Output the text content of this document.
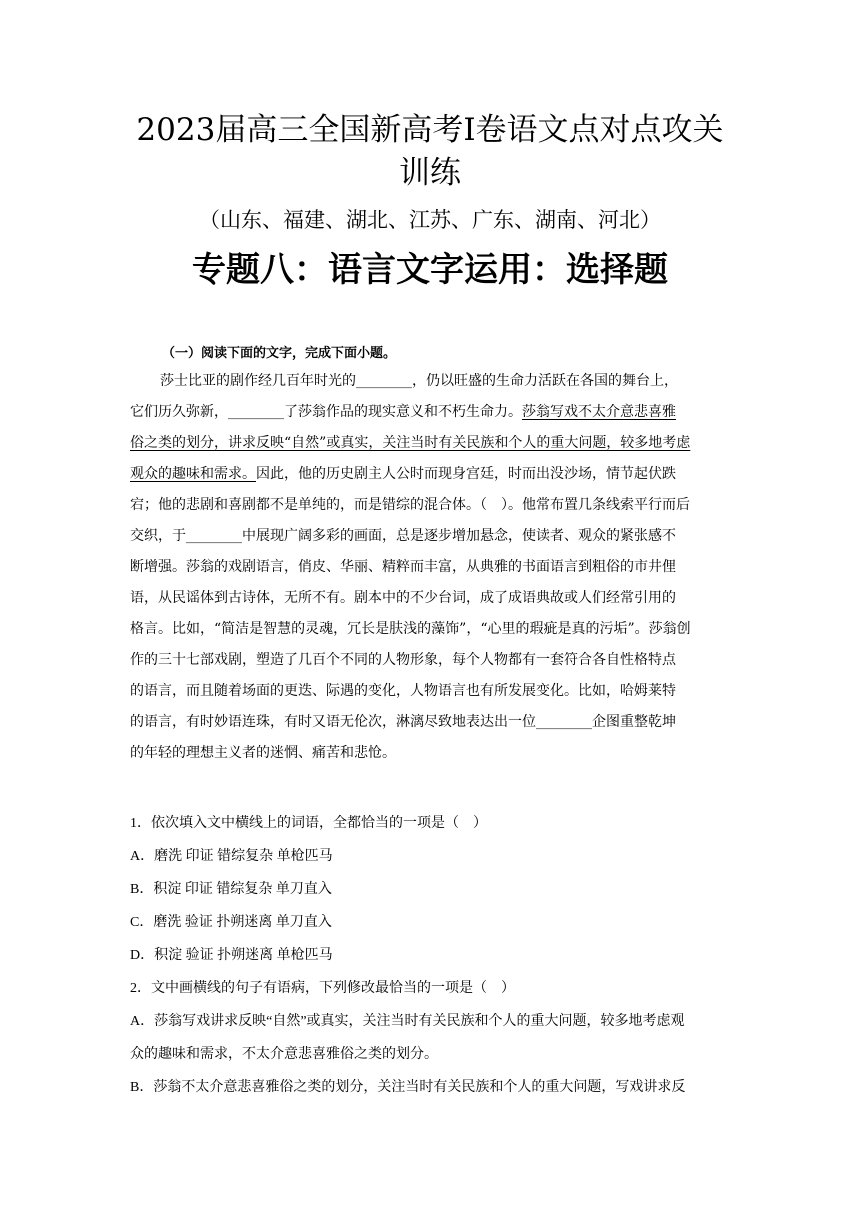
2023届高三全国新高考Ⅰ卷语文点对点攻关
训练
（山东、福建、湖北、江苏、广东、湖南、河北）
专题八：语言文字运用：选择题
（一）阅读下面的文字，完成下面小题。
莎士比亚的剧作经几百年时光的________，仍以旺盛的生命力活跃在各国的舞台上，
它们历久弥新，________了莎翁作品的现实意义和不朽生命力。莎翁写戏不太介意悲喜雅
俗之类的划分，讲求反映“自然”或真实，关注当时有关民族和个人的重大问题，较多地考虑
观众的趣味和需求。因此，他的历史剧主人公时而现身宫廷，时而出没沙场，情节起伏跌
宕；他的悲剧和喜剧都不是单纯的，而是错综的混合体。（　）。他常布置几条线索平行而后
交织，于________中展现广阔多彩的画面，总是逐步增加悬念，使读者、观众的紧张感不
断增强。莎翁的戏剧语言，俏皮、华丽、精粹而丰富，从典雅的书面语言到粗俗的市井俚
语，从民谣体到古诗体，无所不有。剧本中的不少台词，成了成语典故或人们经常引用的
格言。比如，“简洁是智慧的灵魂，冗长是肤浅的藻饰”，“心里的瑕疵是真的污垢”。莎翁创
作的三十七部戏剧，塑造了几百个不同的人物形象，每个人物都有一套符合各自性格特点
的语言，而且随着场面的更迭、际遇的变化，人物语言也有所发展变化。比如，哈姆莱特
的语言，有时妙语连珠，有时又语无伦次，淋漓尽致地表达出一位________企图重整乾坤
的年轻的理想主义者的迷惘、痛苦和悲怆。
1．依次填入文中横线上的词语，全都恰当的一项是（　）
A．磨洗 印证 错综复杂 单枪匹马
B．积淀 印证 错综复杂 单刀直入
C．磨洗 验证 扑朔迷离 单刀直入
D．积淀 验证 扑朔迷离 单枪匹马
2．文中画横线的句子有语病，下列修改最恰当的一项是（　）
A．莎翁写戏讲求反映“自然”或真实，关注当时有关民族和个人的重大问题，较多地考虑观
众的趣味和需求，不太介意悲喜雅俗之类的划分。
B．莎翁不太介意悲喜雅俗之类的划分，关注当时有关民族和个人的重大问题，写戏讲求反
